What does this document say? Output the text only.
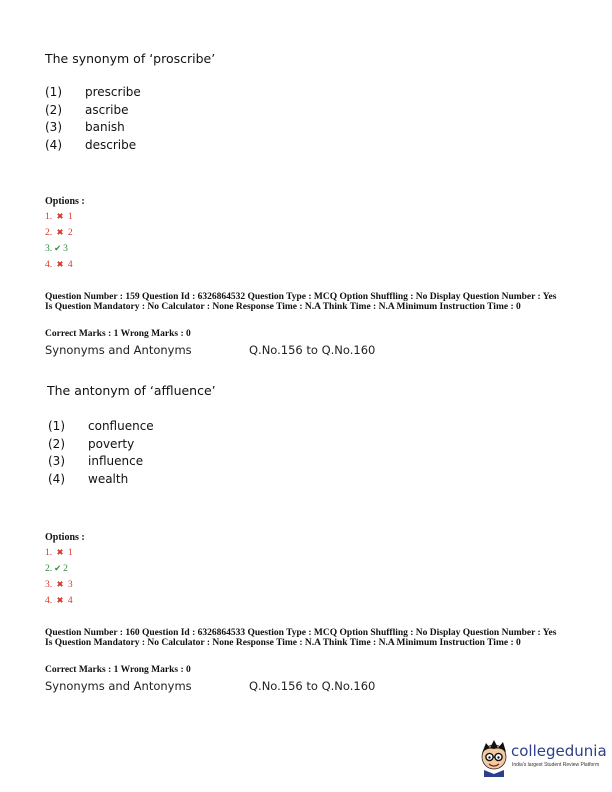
The synonym of ‘proscribe’
(1) prescribe
(2) ascribe
(3) banish
(4) describe
Options :
1. ✖ 1
2. ✖ 2
3. ✔ 3
4. ✖ 4
Question Number : 159 Question Id : 6326864532 Question Type : MCQ Option Shuffling : No Display Question Number : Yes Is Question Mandatory : No Calculator : None Response Time : N.A Think Time : N.A Minimum Instruction Time : 0
Correct Marks : 1 Wrong Marks : 0
Synonyms and Antonyms	Q.No.156 to Q.No.160
The antonym of ‘affluence’
(1) confluence
(2) poverty
(3) influence
(4) wealth
Options :
1. ✖ 1
2. ✔ 2
3. ✖ 3
4. ✖ 4
Question Number : 160 Question Id : 6326864533 Question Type : MCQ Option Shuffling : No Display Question Number : Yes Is Question Mandatory : No Calculator : None Response Time : N.A Think Time : N.A Minimum Instruction Time : 0
Correct Marks : 1 Wrong Marks : 0
Synonyms and Antonyms	Q.No.156 to Q.No.160
collegedunia
India's largest Student Review Platform
